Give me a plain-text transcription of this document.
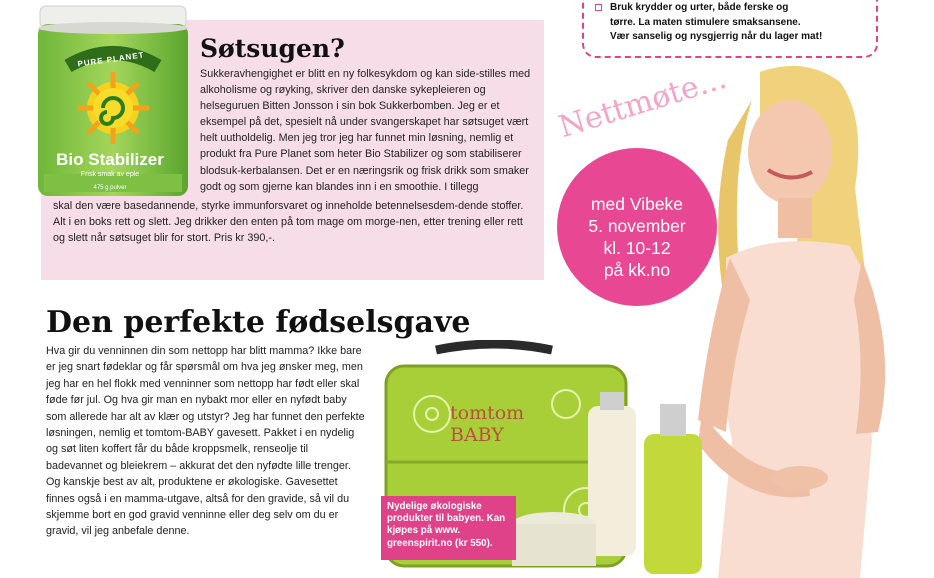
Bruk krydder og urter, både ferske og

tørre. La maten stimulere smaksansene.

Vær sanselig og nysgjerrig når du lager mat!

PURE PLANET
Bio Stabilizer
Frisk smak av eple
475 g pulver
Søtsugen?

Sukkeravhengighet er blitt en ny folkesykdom og kan side-stilles med alkoholisme og røyking, skriver den danske sykepleieren og helseguruen Bitten Jonsson i sin bok Sukkerbomben. Jeg er et eksempel på det, spesielt nå under svangerskapet har søtsuget vært helt uutholdelig. Men jeg tror jeg har funnet min løsning, nemlig et produkt fra Pure Planet som heter Bio Stabilizer og som stabiliserer blodsuk-kerbalansen. Det er en næringsrik og frisk drikk som smaker godt og som gjerne kan blandes inn i en smoothie. I tillegg

skal den være basedannende, styrke immunforsvaret og inneholde betennelsesdem-dende stoffer. Alt i en boks rett og slett. Jeg drikker den enten på tom mage om morge-nen, etter trening eller rett og slett når søtsuget blir for stort. Pris kr 390,-.

Nettmøte...
med Vibeke
5. november
kl. 10-12
på kk.no
Den perfekte fødselsgave

Hva gir du venninnen din som nettopp har blitt mamma? Ikke bare er jeg snart fødeklar og får spørsmål om hva jeg ønsker meg, men jeg har en hel flokk med venninner som nettopp har født eller skal føde før jul. Og hva gir man en nybakt mor eller en nyfødt baby som allerede har alt av klær og utstyr? Jeg har funnet den perfekte løsningen, nemlig et tomtom-BABY gavesett. Pakket i en nydelig og søt liten koffert får du både kroppsmelk, renseolje til badevannet og bleiekrem – akkurat det den nyfødte lille trenger. Og kanskje best av alt, produktene er økologiske. Gavesettet finnes også i en mamma-utgave, altså for den gravide, så vil du skjemme bort en god gravid venninne eller deg selv om du er gravid, vil jeg anbefale denne.

tomtom BABY
Nydelige økologiske produkter til babyen. Kan kjøpes på www. greenspirit.no (kr 550).
